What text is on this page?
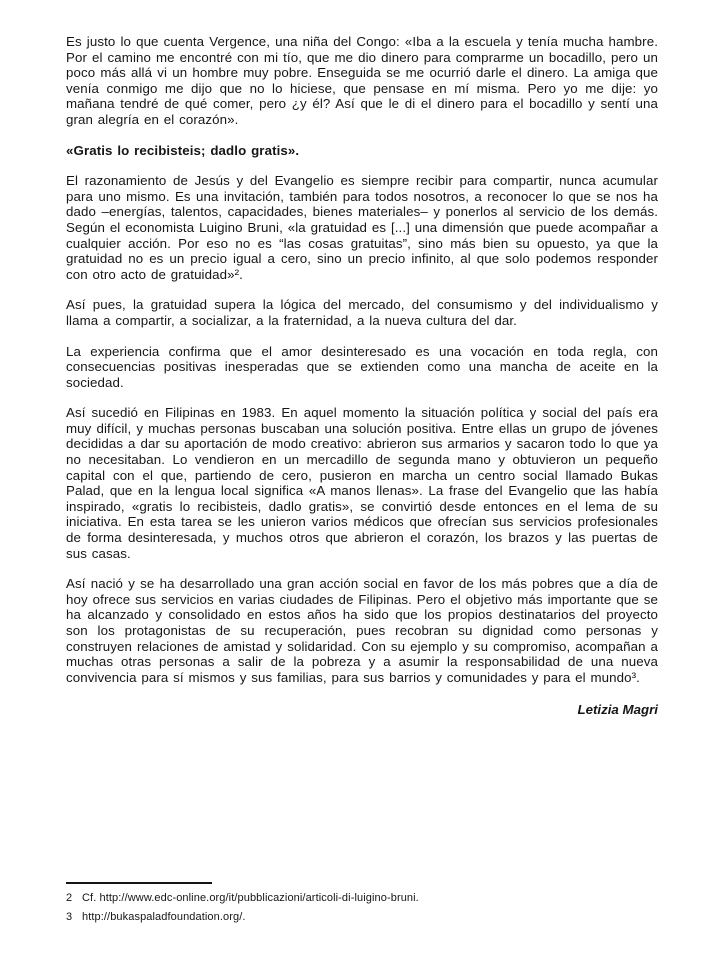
Es justo lo que cuenta Vergence, una niña del Congo: «Iba a la escuela y tenía mucha hambre. Por el camino me encontré con mi tío, que me dio dinero para comprarme un bocadillo, pero un poco más allá vi un hombre muy pobre. Enseguida se me ocurrió darle el dinero. La amiga que venía conmigo me dijo que no lo hiciese, que pensase en mí misma. Pero yo me dije: yo mañana tendré de qué comer, pero ¿y él? Así que le di el dinero para el bocadillo y sentí una gran alegría en el corazón».

«Gratis lo recibisteis; dadlo gratis».

El razonamiento de Jesús y del Evangelio es siempre recibir para compartir, nunca acumular para uno mismo. Es una invitación, también para todos nosotros, a reconocer lo que se nos ha dado –energías, talentos, capacidades, bienes materiales– y ponerlos al servicio de los demás. Según el economista Luigino Bruni, «la gratuidad es [...] una dimensión que puede acompañar a cualquier acción. Por eso no es “las cosas gratuitas”, sino más bien su opuesto, ya que la gratuidad no es un precio igual a cero, sino un precio infinito, al que solo podemos responder con otro acto de gratuidad»².

Así pues, la gratuidad supera la lógica del mercado, del consumismo y del individualismo y llama a compartir, a socializar, a la fraternidad, a la nueva cultura del dar.

La experiencia confirma que el amor desinteresado es una vocación en toda regla, con consecuencias positivas inesperadas que se extienden como una mancha de aceite en la sociedad.

Así sucedió en Filipinas en 1983. En aquel momento la situación política y social del país era muy difícil, y muchas personas buscaban una solución positiva. Entre ellas un grupo de jóvenes decididas a dar su aportación de modo creativo: abrieron sus armarios y sacaron todo lo que ya no necesitaban. Lo vendieron en un mercadillo de segunda mano y obtuvieron un pequeño capital con el que, partiendo de cero, pusieron en marcha un centro social llamado Bukas Palad, que en la lengua local significa «A manos llenas». La frase del Evangelio que las había inspirado, «gratis lo recibisteis, dadlo gratis», se convirtió desde entonces en el lema de su iniciativa. En esta tarea se les unieron varios médicos que ofrecían sus servicios profesionales de forma desinteresada, y muchos otros que abrieron el corazón, los brazos y las puertas de sus casas.

Así nació y se ha desarrollado una gran acción social en favor de los más pobres que a día de hoy ofrece sus servicios en varias ciudades de Filipinas. Pero el objetivo más importante que se ha alcanzado y consolidado en estos años ha sido que los propios destinatarios del proyecto son los protagonistas de su recuperación, pues recobran su dignidad como personas y construyen relaciones de amistad y solidaridad. Con su ejemplo y su compromiso, acompañan a muchas otras personas a salir de la pobreza y a asumir la responsabilidad de una nueva convivencia para sí mismos y sus familias, para sus barrios y comunidades y para el mundo³.

Letizia Magri

2 Cf. http://www.edc-online.org/it/pubblicazioni/articoli-di-luigino-bruni.
3 http://bukaspaladfoundation.org/.
